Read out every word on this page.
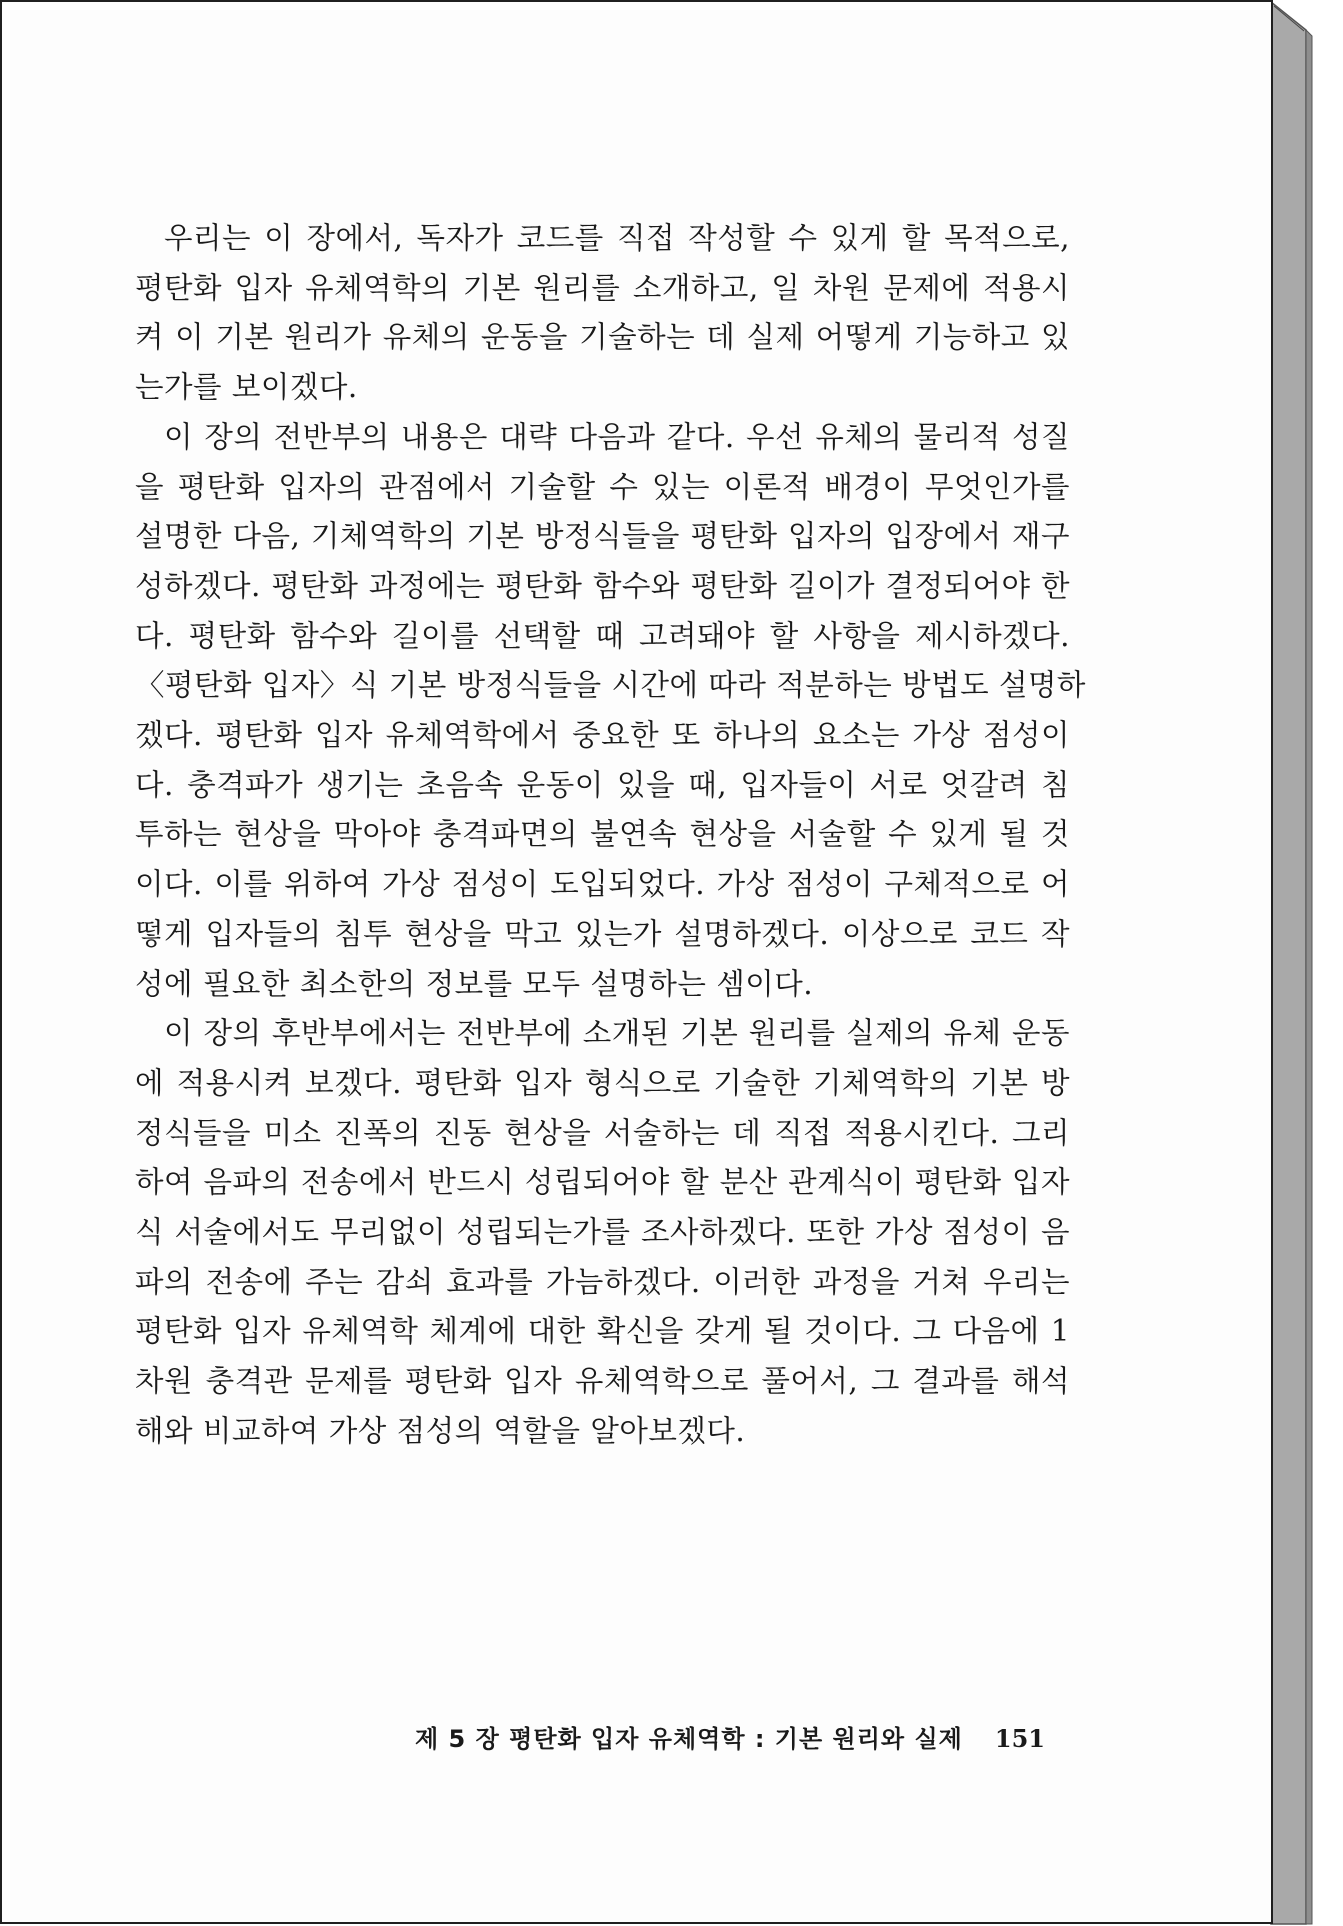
우리는 이 장에서, 독자가 코드를 직접 작성할 수 있게 할 목적으로,
평탄화 입자 유체역학의 기본 원리를 소개하고, 일 차원 문제에 적용시
켜 이 기본 원리가 유체의 운동을 기술하는 데 실제 어떻게 기능하고 있
는가를 보이겠다.
이 장의 전반부의 내용은 대략 다음과 같다. 우선 유체의 물리적 성질
을 평탄화 입자의 관점에서 기술할 수 있는 이론적 배경이 무엇인가를
설명한 다음, 기체역학의 기본 방정식들을 평탄화 입자의 입장에서 재구
성하겠다. 평탄화 과정에는 평탄화 함수와 평탄화 길이가 결정되어야 한
다. 평탄화 함수와 길이를 선택할 때 고려돼야 할 사항을 제시하겠다.
〈평탄화 입자〉식 기본 방정식들을 시간에 따라 적분하는 방법도 설명하
겠다. 평탄화 입자 유체역학에서 중요한 또 하나의 요소는 가상 점성이
다. 충격파가 생기는 초음속 운동이 있을 때, 입자들이 서로 엇갈려 침
투하는 현상을 막아야 충격파면의 불연속 현상을 서술할 수 있게 될 것
이다. 이를 위하여 가상 점성이 도입되었다. 가상 점성이 구체적으로 어
떻게 입자들의 침투 현상을 막고 있는가 설명하겠다. 이상으로 코드 작
성에 필요한 최소한의 정보를 모두 설명하는 셈이다.
이 장의 후반부에서는 전반부에 소개된 기본 원리를 실제의 유체 운동
에 적용시켜 보겠다. 평탄화 입자 형식으로 기술한 기체역학의 기본 방
정식들을 미소 진폭의 진동 현상을 서술하는 데 직접 적용시킨다. 그리
하여 음파의 전송에서 반드시 성립되어야 할 분산 관계식이 평탄화 입자
식 서술에서도 무리없이 성립되는가를 조사하겠다. 또한 가상 점성이 음
파의 전송에 주는 감쇠 효과를 가늠하겠다. 이러한 과정을 거쳐 우리는
평탄화 입자 유체역학 체계에 대한 확신을 갖게 될 것이다. 그 다음에 1
차원 충격관 문제를 평탄화 입자 유체역학으로 풀어서, 그 결과를 해석
해와 비교하여 가상 점성의 역할을 알아보겠다.
제 5 장 평탄화 입자 유체역학 : 기본 원리와 실제 151
